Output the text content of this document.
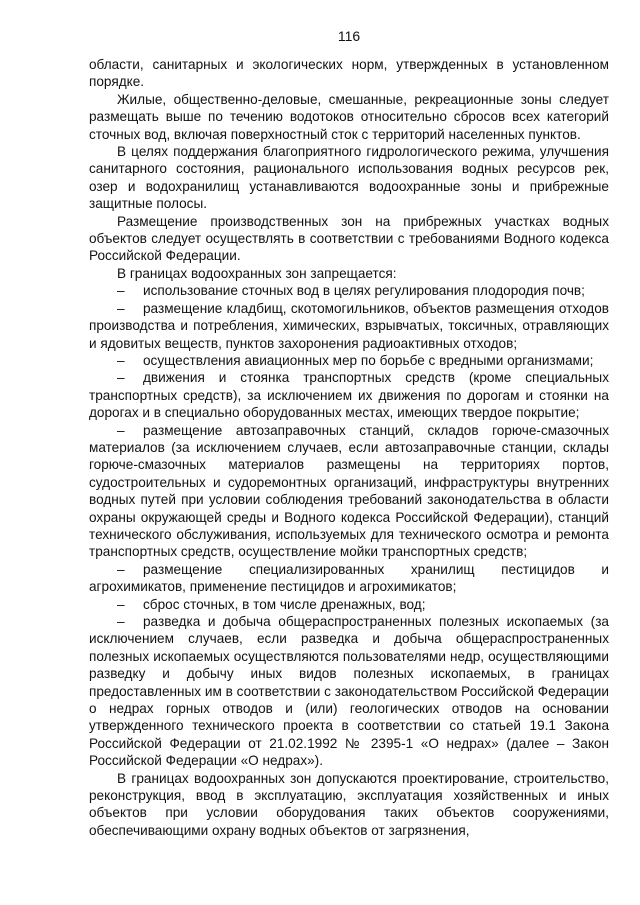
116

области, санитарных и экологических норм, утвержденных в установленном порядке.

Жилые, общественно-деловые, смешанные, рекреационные зоны следует размещать выше по течению водотоков относительно сбросов всех категорий сточных вод, включая поверхностный сток с территорий населенных пунктов.

В целях поддержания благоприятного гидрологического режима, улучшения санитарного состояния, рационального использования водных ресурсов рек, озер и водохранилищ устанавливаются водоохранные зоны и прибрежные защитные полосы.

Размещение производственных зон на прибрежных участках водных объектов следует осуществлять в соответствии с требованиями Водного кодекса Российской Федерации.

В границах водоохранных зон запрещается:

– использование сточных вод в целях регулирования плодородия почв;

– размещение кладбищ, скотомогильников, объектов размещения отходов производства и потребления, химических, взрывчатых, токсичных, отравляющих и ядовитых веществ, пунктов захоронения радиоактивных отходов;

– осуществления авиационных мер по борьбе с вредными организмами;

– движения и стоянка транспортных средств (кроме специальных транспортных средств), за исключением их движения по дорогам и стоянки на дорогах и в специально оборудованных местах, имеющих твердое покрытие;

– размещение автозаправочных станций, складов горюче-смазочных материалов (за исключением случаев, если автозаправочные станции, склады горюче-смазочных материалов размещены на территориях портов, судостроительных и судоремонтных организаций, инфраструктуры внутренних водных путей при условии соблюдения требований законодательства в области охраны окружающей среды и Водного кодекса Российской Федерации), станций технического обслуживания, используемых для технического осмотра и ремонта транспортных средств, осуществление мойки транспортных средств;

– размещение специализированных хранилищ пестицидов и агрохимикатов, применение пестицидов и агрохимикатов;

– сброс сточных, в том числе дренажных, вод;

– разведка и добыча общераспространенных полезных ископаемых (за исключением случаев, если разведка и добыча общераспространенных полезных ископаемых осуществляются пользователями недр, осуществляющими разведку и добычу иных видов полезных ископаемых, в границах предоставленных им в соответствии с законодательством Российской Федерации о недрах горных отводов и (или) геологических отводов на основании утвержденного технического проекта в соответствии со статьей 19.1 Закона Российской Федерации от 21.02.1992 № 2395-1 «О недрах» (далее – Закон Российской Федерации «О недрах»).

В границах водоохранных зон допускаются проектирование, строительство, реконструкция, ввод в эксплуатацию, эксплуатация хозяйственных и иных объектов при условии оборудования таких объектов сооружениями, обеспечивающими охрану водных объектов от загрязнения,
